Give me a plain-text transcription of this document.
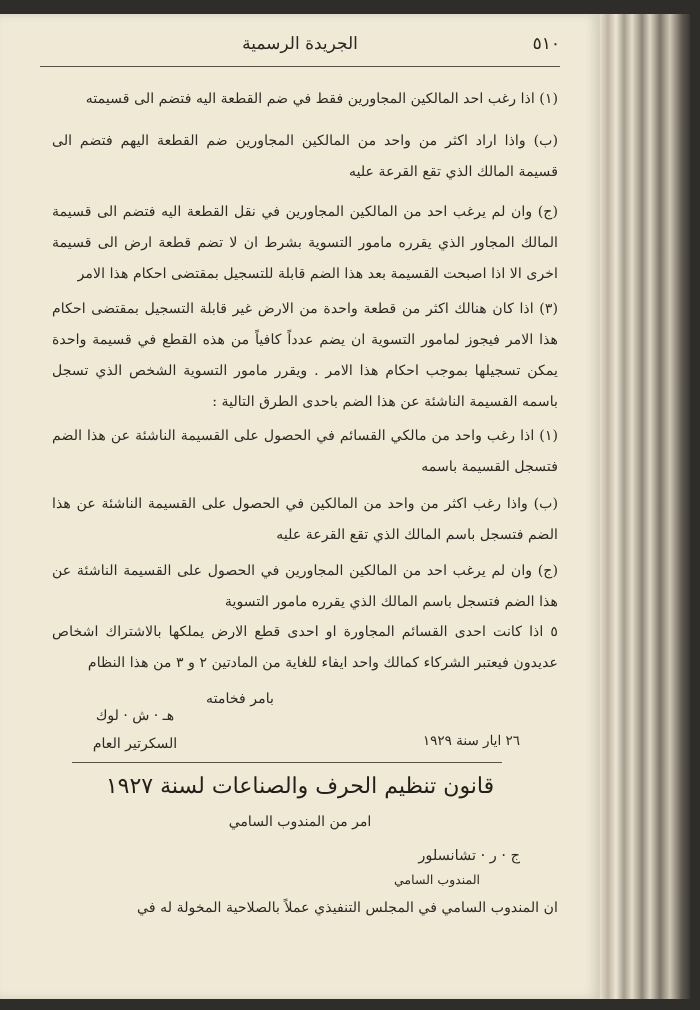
٥١٠
الجريدة الرسمية

(١) اذا رغب احد المالكين المجاورين فقط في ضم القطعة اليه فتضم الى قسيمته

(ب) واذا اراد اكثر من واحد من المالكين المجاورين ضم القطعة اليهم فتضم الى قسيمة المالك الذي تقع القرعة عليه

(ج) وان لم يرغب احد من المالكين المجاورين في نقل القطعة اليه فتضم الى قسيمة المالك المجاور الذي يقرره مامور التسوية بشرط ان لا تضم قطعة ارض الى قسيمة اخرى الا اذا اصبحت القسيمة بعد هذا الضم قابلة للتسجيل بمقتضى احكام هذا الامر

(٣) اذا كان هنالك اكثر من قطعة واحدة من الارض غير قابلة التسجيل بمقتضى احكام هذا الامر فيجوز لمامور التسوية ان يضم عدداً كافياً من هذه القطع في قسيمة واحدة يمكن تسجيلها بموجب احكام هذا الامر . ويقرر مامور التسوية الشخص الذي تسجل باسمه القسيمة الناشئة عن هذا الضم باحدى الطرق التالية :

(١) اذا رغب واحد من مالكي القسائم في الحصول على القسيمة الناشئة عن هذا الضم فتسجل القسيمة باسمه

(ب) واذا رغب اكثر من واحد من المالكين في الحصول على القسيمة الناشئة عن هذا الضم فتسجل باسم المالك الذي تقع القرعة عليه

(ج) وان لم يرغب احد من المالكين المجاورين في الحصول على القسيمة الناشئة عن هذا الضم فتسجل باسم المالك الذي يقرره مامور التسوية

٥ اذا كانت احدى القسائم المجاورة او احدى قطع الارض يملكها بالاشتراك اشخاص عديدون فيعتبر الشركاء كمالك واحد ايفاء للغاية من المادتين ٢ و ٣ من هذا النظام

بامر فخامته
هـ · ش · لوك
السكرتير العام	٢٦ ايار سنة ١٩٢٩
قانون تنظيم الحرف والصناعات لسنة ١٩٢٧
امر من المندوب السامي
ج · ر · تشانسلور
المندوب السامي
ان المندوب السامي في المجلس التنفيذي عملاً بالصلاحية المخولة له في
